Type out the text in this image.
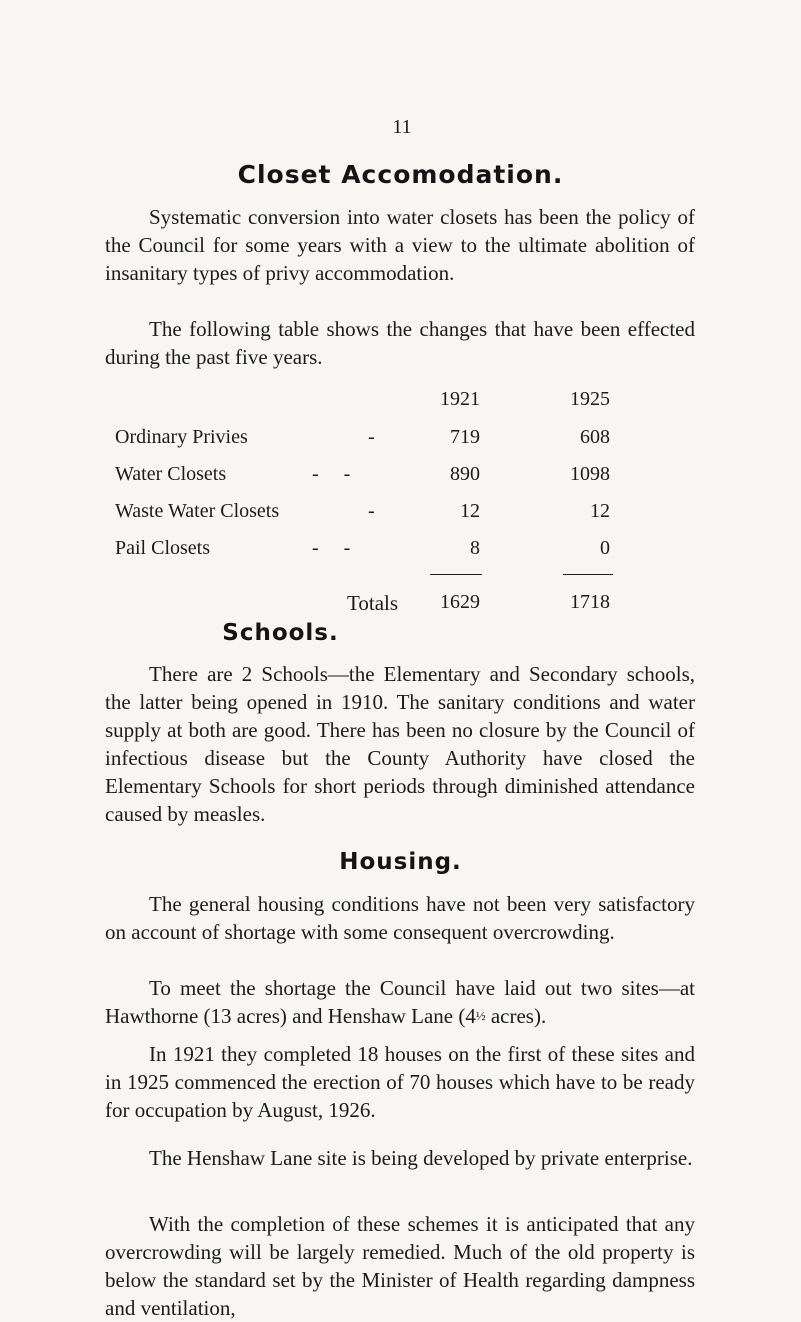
11
Closet Accomodation.

Systematic conversion into water closets has been the policy of the Council for some years with a view to the ultimate abolition of insanitary types of privy accommodation.

The following table shows the changes that have been effected during the past five years.

1921	1925
Ordinary Privies	-	719	608
Water Closets	-     -	890	1098
Waste Water Closets	-	12	12
Pail Closets	-     -	8	0
Totals	1629	1718
Schools.

There are 2 Schools—the Elementary and Secondary schools, the latter being opened in 1910. The sanitary conditions and water supply at both are good. There has been no closure by the Council of infectious disease but the County Authority have closed the Elementary Schools for short periods through diminished attendance caused by measles.

Housing.

The general housing conditions have not been very satisfactory on account of shortage with some consequent overcrowding.

To meet the shortage the Council have laid out two sites—at Hawthorne (13 acres) and Henshaw Lane (4½ acres).

In 1921 they completed 18 houses on the first of these sites and in 1925 commenced the erection of 70 houses which have to be ready for occupation by August, 1926.

The Henshaw Lane site is being developed by private enterprise.

With the completion of these schemes it is anticipated that any overcrowding will be largely remedied. Much of the old property is below the standard set by the Minister of Health regarding dampness and ventilation,
